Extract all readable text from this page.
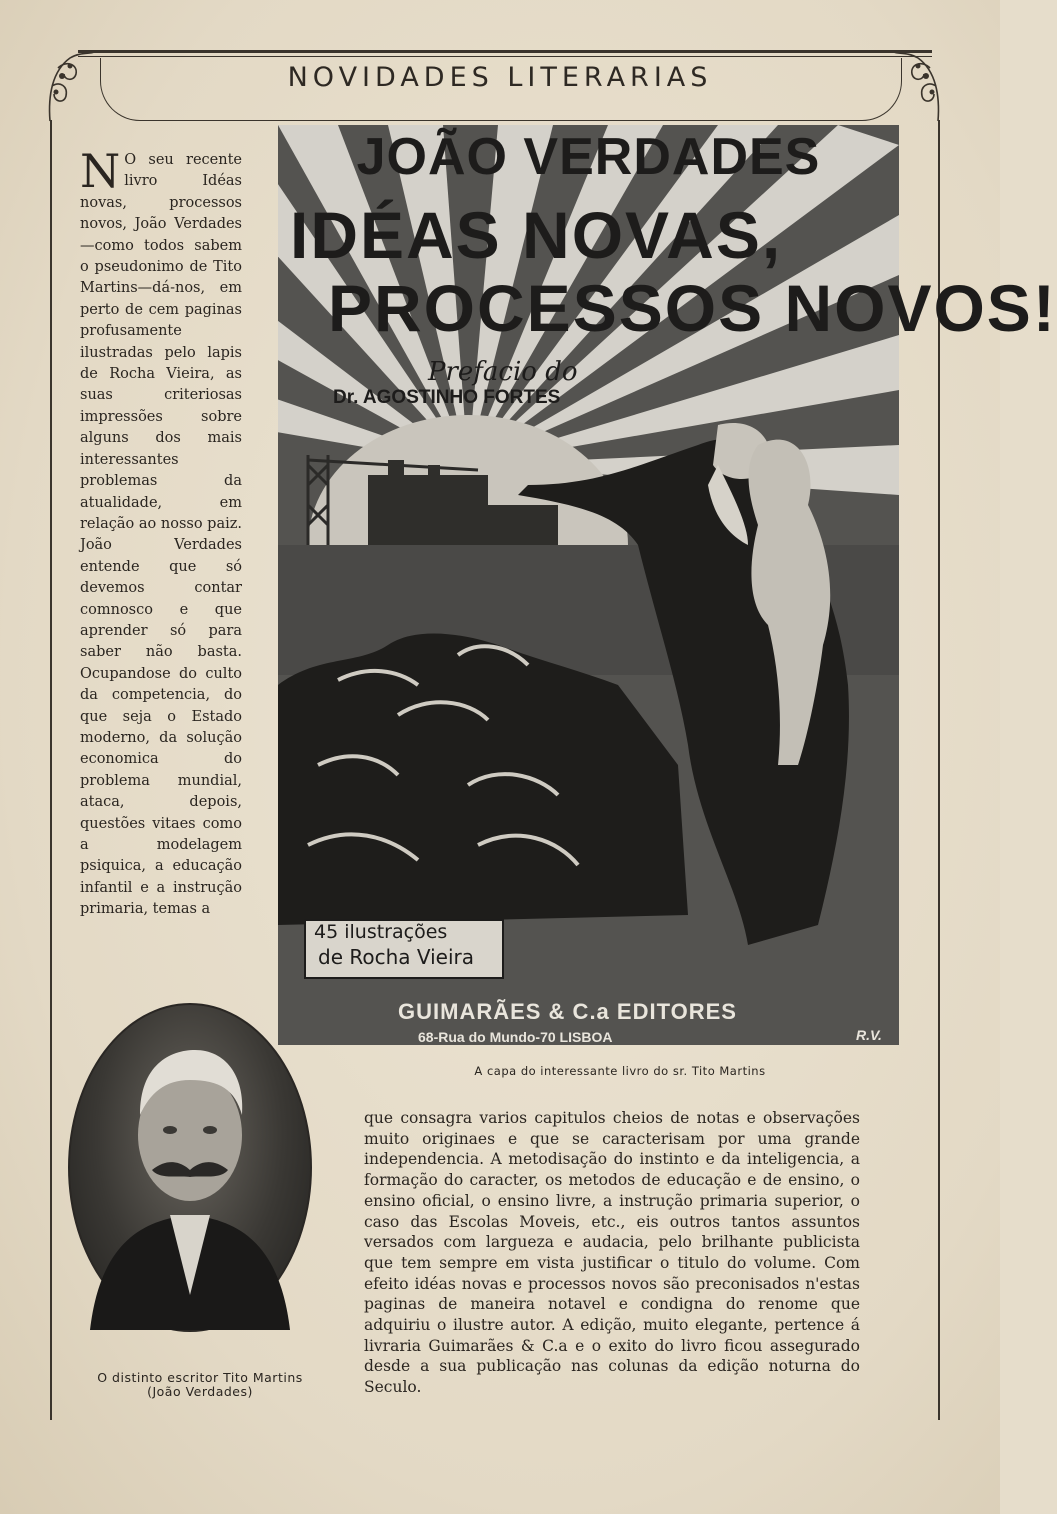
NOVIDADES LITERARIAS
N O seu recente livro Idéas novas, processos novos, João Verdades—como todos sabem o pseudonimo de Tito Martins—dá-nos, em perto de cem paginas profusamente ilustradas pelo lapis de Rocha Vieira, as suas criteriosas impressões sobre alguns dos mais interessantes problemas da atualidade, em relação ao nosso paiz. João Verdades entende que só devemos contar comnosco e que aprender só para saber não basta. Ocupandose do culto da competencia, do que seja o Estado moderno, da solução economica do problema mundial, ataca, depois, questões vitaes como a modelagem psiquica, a educação infantil e a instrução primaria, temas a
JOÃO VERDADES
IDÉAS NOVAS,
PROCESSOS NOVOS!
Prefacio do
Dr. AGOSTINHO FORTES
45 ilustrações
de Rocha Vieira
GUIMARÃES & C.a EDITORES
68-Rua do Mundo-70 LISBOA	R.V.
A capa do interessante livro do sr. Tito Martins
O distinto escritor Tito Martins
(João Verdades)

que consagra varios capitulos cheios de notas e observações muito originaes e que se caracterisam por uma grande independencia. A metodisação do instinto e da inteligencia, a formação do caracter, os metodos de educação e de ensino, o ensino oficial, o ensino livre, a instrução primaria superior, o caso das Escolas Moveis, etc., eis outros tantos assuntos versados com largueza e audacia, pelo brilhante publicista que tem sempre em vista justificar o titulo do volume. Com efeito idéas novas e processos novos são preconisados n'estas paginas de maneira notavel e condigna do renome que adquiriu o ilustre autor. A edição, muito elegante, pertence á livraria Guimarães & C.a e o exito do livro ficou assegurado desde a sua publicação nas colunas da edição noturna do Seculo.
